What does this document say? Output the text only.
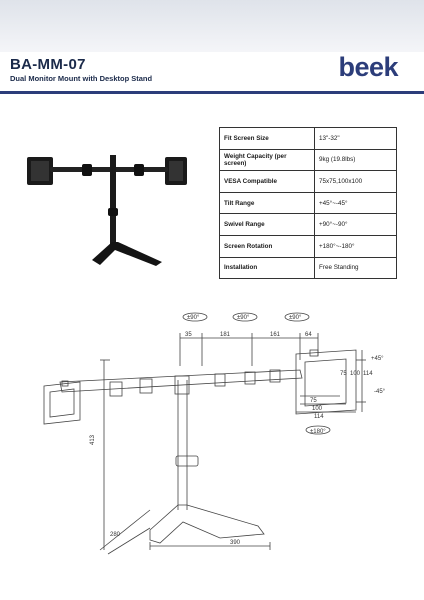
BA-MM-07
Dual Monitor Mount with Desktop Stand	beek
Fit Screen Size	13"-32"
Weight Capacity (per screen)	9kg (19.8lbs)
VESA Compatible	75x75,100x100
Tilt Range	+45°~-45°
Swivel Range	+90°~-90°
Screen Rotation	+180°~-180°
Installation	Free Standing
±90°	±90°	±90°
35	181	161	64
+45°
-45°
75 100 114
75
100
114
±180°
413
280
390
